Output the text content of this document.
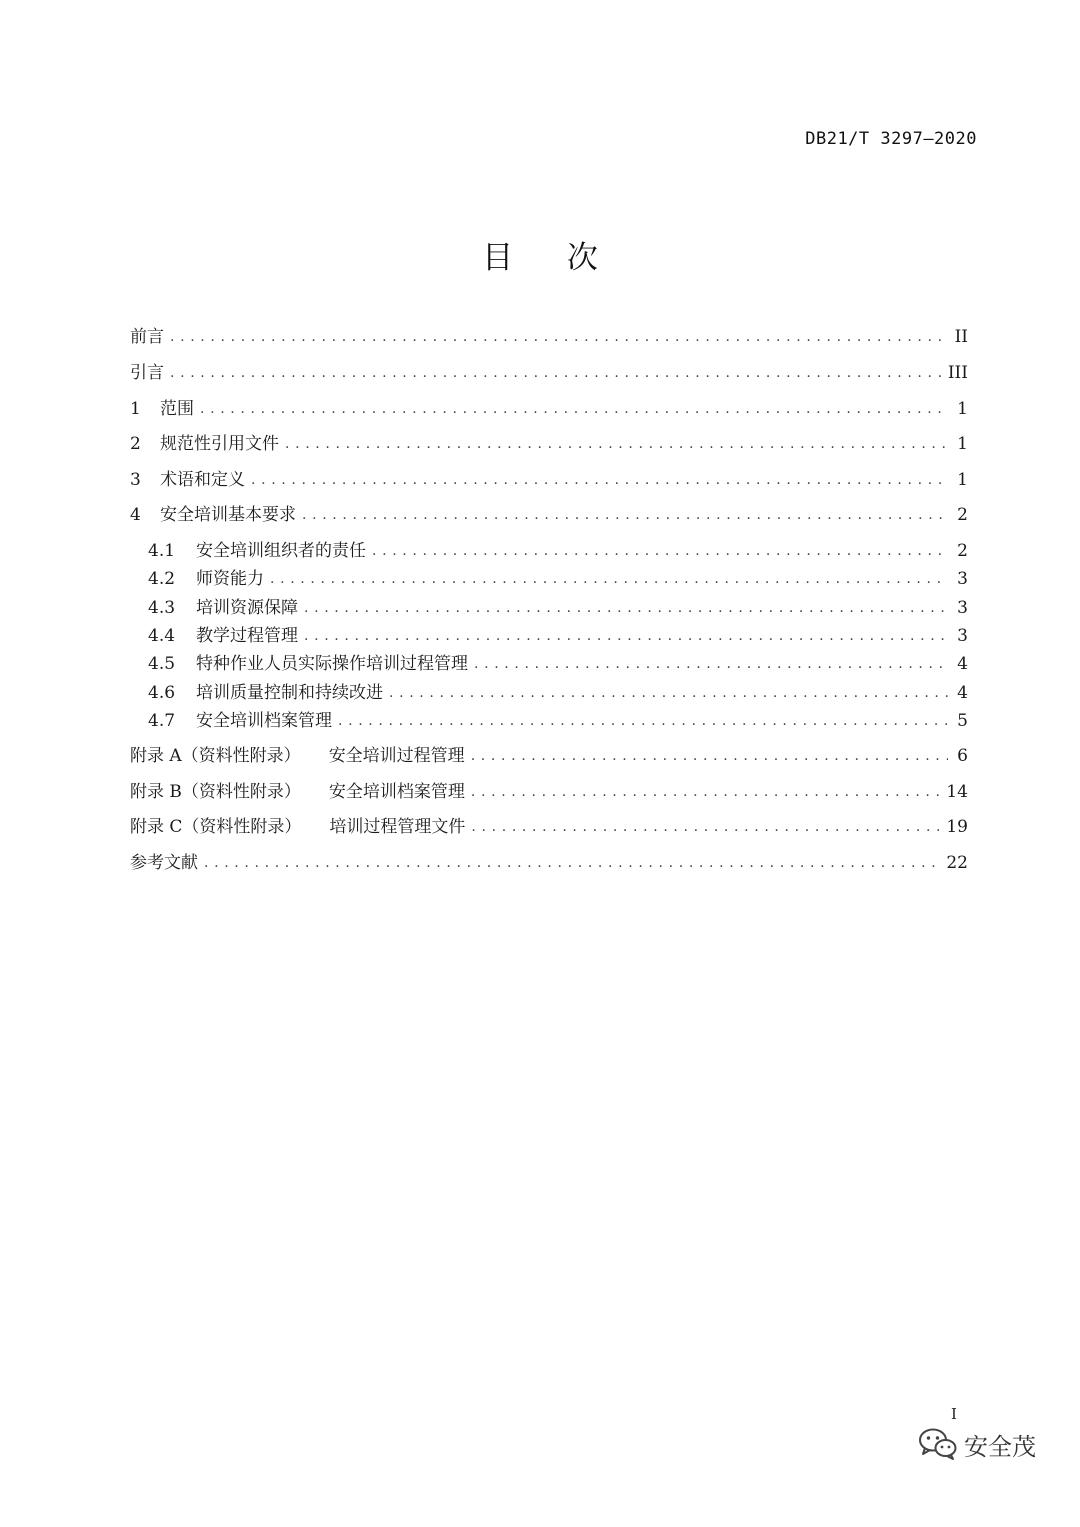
DB21/T 3297—2020
目 次
前言 . . .	II
引言 . . .	III
1	范围 . . .	1
2	规范性引用文件 . . .	1
3	术语和定义 . . .	1
4	安全培训基本要求 . . .	2
4.1	安全培训组织者的责任 . . .	2
4.2	师资能力 . . .	3
4.3	培训资源保障 . . .	3
4.4	教学过程管理 . . .	3
4.5	特种作业人员实际操作培训过程管理 . . .	4
4.6	培训质量控制和持续改进 . . .	4
4.7	安全培训档案管理 . . .	5
附录 A（资料性附录） 安全培训过程管理 . . .	6
附录 B（资料性附录） 安全培训档案管理 . . .	14
附录 C（资料性附录） 培训过程管理文件 . . .	19
参考文献 . . .	22
I
安全茂
